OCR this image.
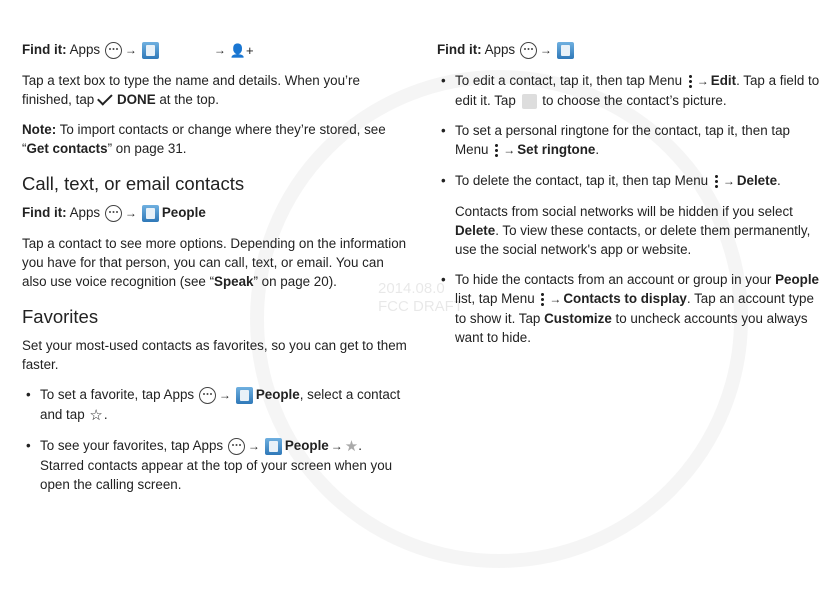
2014.08.0
FCC DRAFT

Find it: Apps →	→ 👤+

Tap a text box to type the name and details. When you’re finished, tap DONE at the top.

Note: To import contacts or change where they’re stored, see “Get contacts” on page 31.

Call, text, or email contacts

Find it: Apps → People

Tap a contact to see more options. Depending on the information you have for that person, you can call, text, or email. You can also use voice recognition (see “Speak” on page 20).

Favorites

Set your most-used contacts as favorites, so you can get to them faster.

• To set a favorite, tap Apps → People, select a contact and tap ☆.
• To see your favorites, tap Apps → People → ★. Starred contacts appear at the top of your screen when you open the calling screen.

Find it: Apps →

• To edit a contact, tap it, then tap Menu → Edit. Tap a field to edit it. Tap  to choose the contact’s picture.
• To set a personal ringtone for the contact, tap it, then tap Menu → Set ringtone.
• To delete the contact, tap it, then tap Menu → Delete.

Contacts from social networks will be hidden if you select Delete. To view these contacts, or delete them permanently, use the social network's app or website.

• To hide the contacts from an account or group in your People list, tap Menu → Contacts to display. Tap an account type to show it. Tap Customize to uncheck accounts you always want to hide.
